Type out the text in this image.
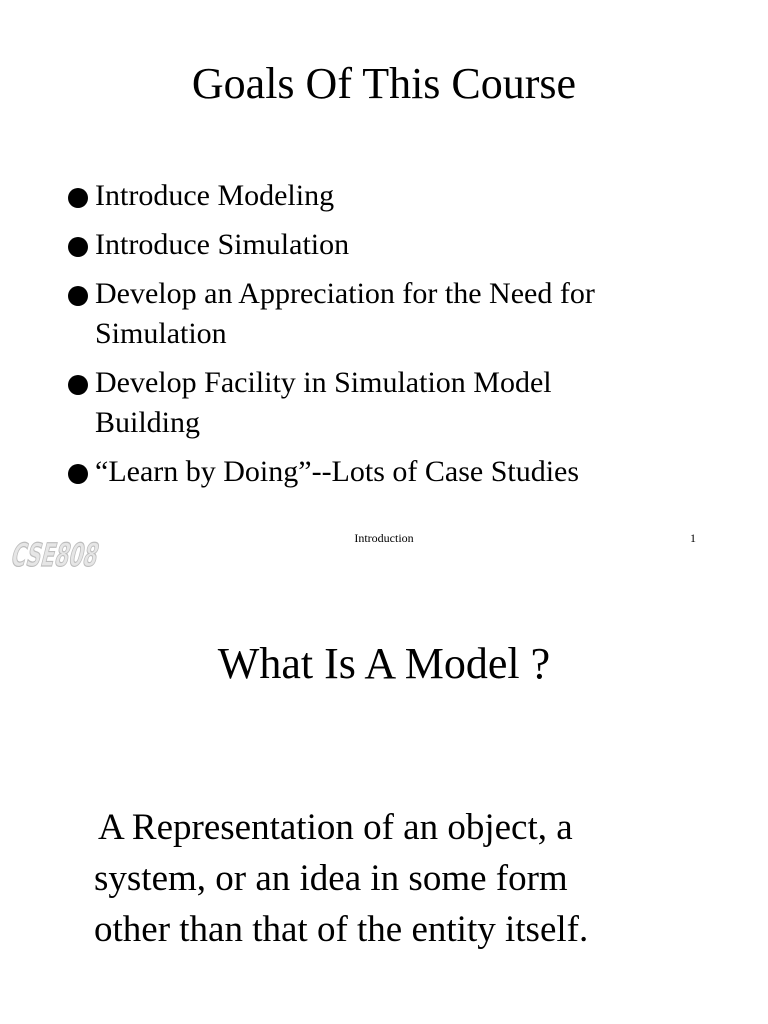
Goals Of This Course
Introduce Modeling
Introduce Simulation
Develop an Appreciation for the Need for
Simulation
Develop Facility in Simulation Model
Building
“Learn by Doing”--Lots of Case Studies
CSE808	Introduction	1
What Is A Model ?
A Representation of an object, a
system, or an idea in some form
other than that of the entity itself.
